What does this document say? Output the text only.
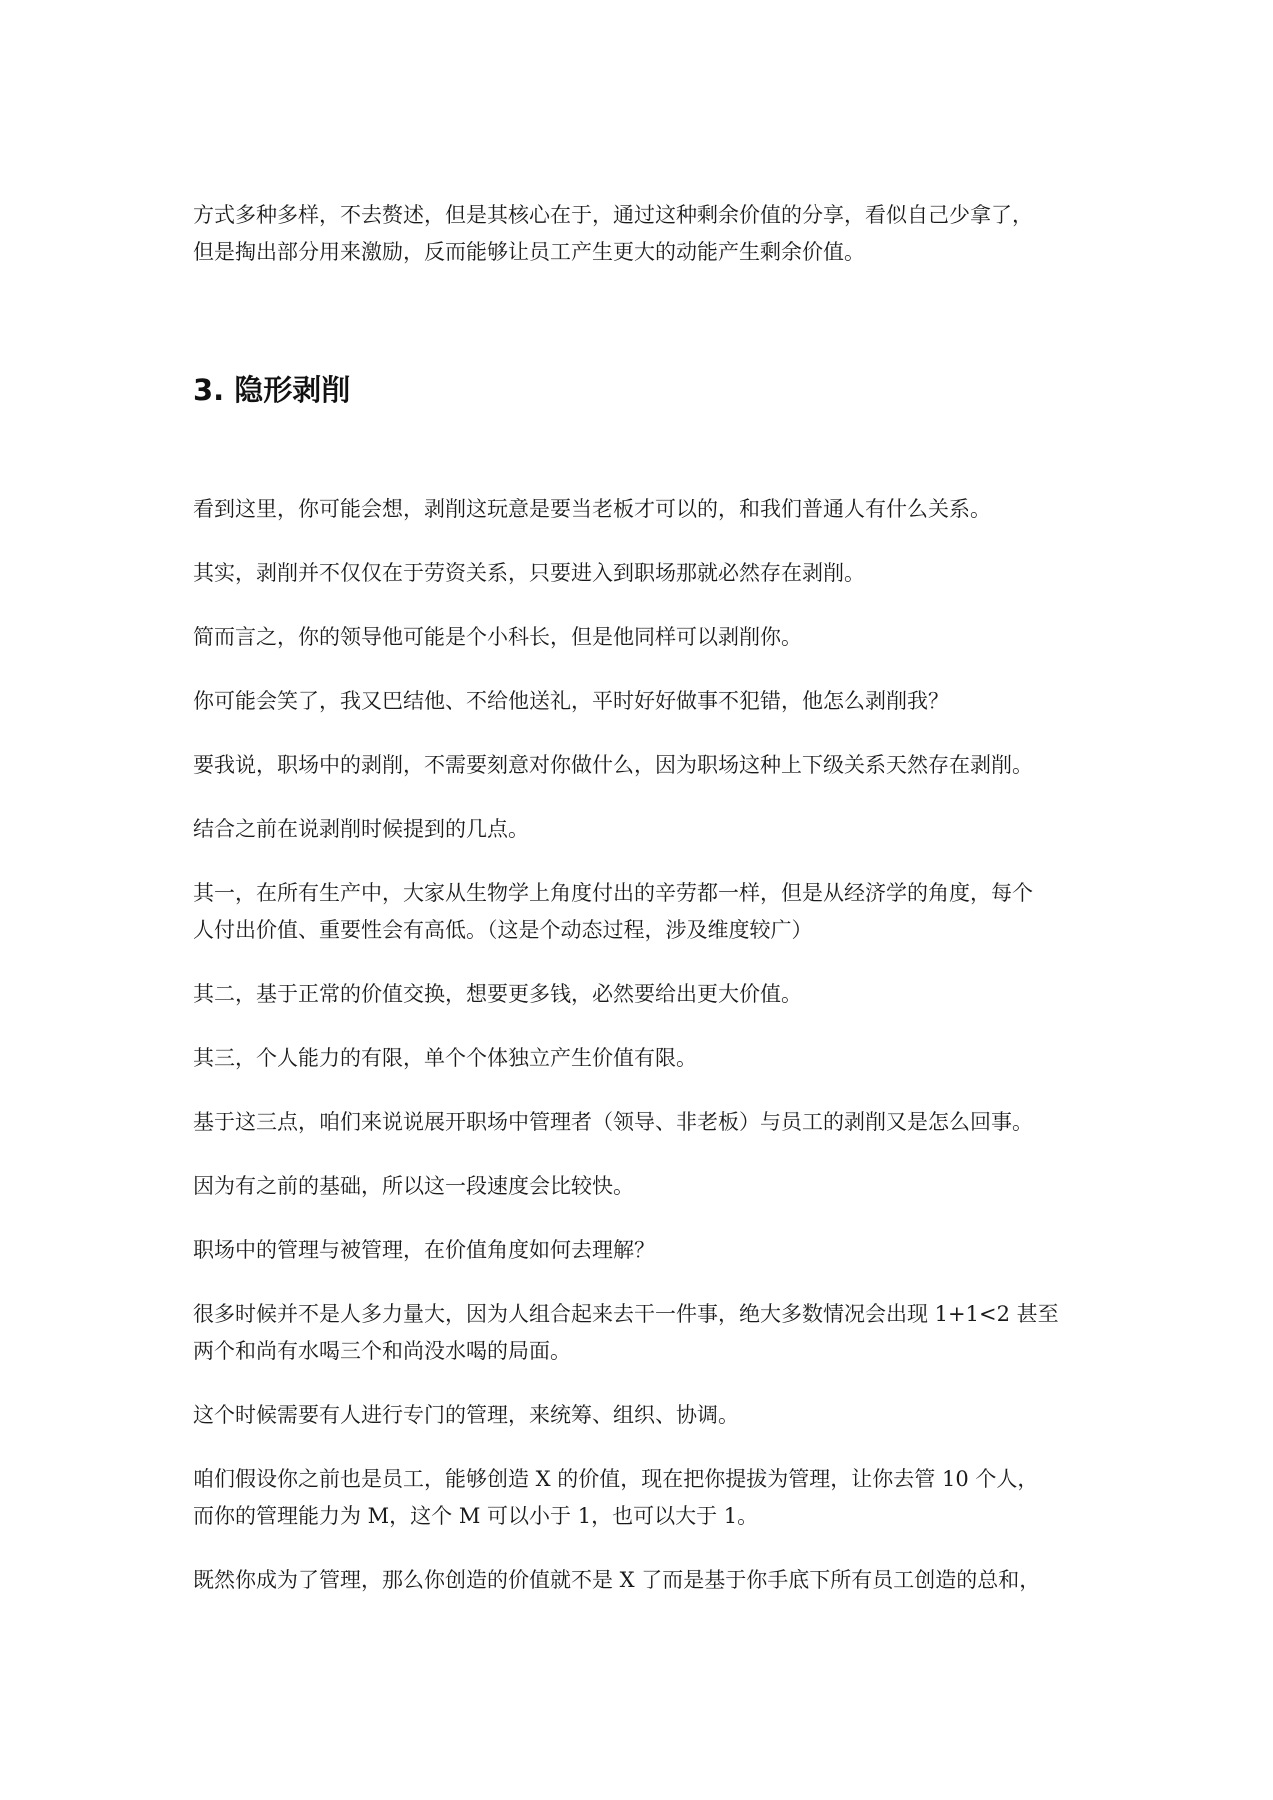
方式多种多样，不去赘述，但是其核心在于，通过这种剩余价值的分享，看似自己少拿了，
但是掏出部分用来激励，反而能够让员工产生更大的动能产生剩余价值。

3. 隐形剥削

看到这里，你可能会想，剥削这玩意是要当老板才可以的，和我们普通人有什么关系。

其实，剥削并不仅仅在于劳资关系，只要进入到职场那就必然存在剥削。

简而言之，你的领导他可能是个小科长，但是他同样可以剥削你。

你可能会笑了，我又巴结他、不给他送礼，平时好好做事不犯错，他怎么剥削我？

要我说，职场中的剥削，不需要刻意对你做什么，因为职场这种上下级关系天然存在剥削。

结合之前在说剥削时候提到的几点。

其一，在所有生产中，大家从生物学上角度付出的辛劳都一样，但是从经济学的角度，每个
人付出价值、重要性会有高低。（这是个动态过程，涉及维度较广）

其二，基于正常的价值交换，想要更多钱，必然要给出更大价值。

其三，个人能力的有限，单个个体独立产生价值有限。

基于这三点，咱们来说说展开职场中管理者（领导、非老板）与员工的剥削又是怎么回事。

因为有之前的基础，所以这一段速度会比较快。

职场中的管理与被管理，在价值角度如何去理解？

很多时候并不是人多力量大，因为人组合起来去干一件事，绝大多数情况会出现 1+1<2 甚至
两个和尚有水喝三个和尚没水喝的局面。

这个时候需要有人进行专门的管理，来统筹、组织、协调。

咱们假设你之前也是员工，能够创造 X 的价值，现在把你提拔为管理，让你去管 10 个人，
而你的管理能力为 M，这个 M 可以小于 1，也可以大于 1。

既然你成为了管理，那么你创造的价值就不是 X 了而是基于你手底下所有员工创造的总和，
